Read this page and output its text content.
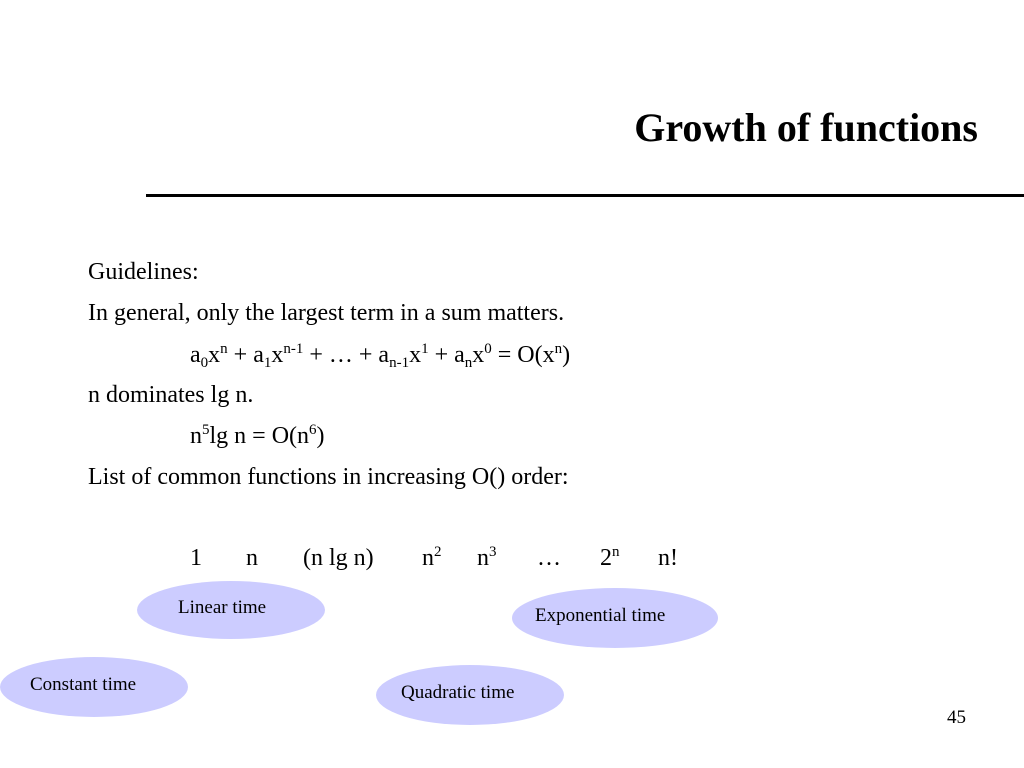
Growth of functions
Guidelines:
In general, only the largest term in a sum matters.
$a_0x^n + a_1x^{n-1}$ + … + $a_{n-1}x^1 + a_nx^0 = O(x^n)$
n dominates lg n.
$n^5\lg$ $n = O(n^6)$
List of common functions in increasing O() order:
1 n (n lg n) $n^2$ $n^3$ … 2$^n$ n!
Linear time	Exponential time
Constant time	Quadratic time
45
